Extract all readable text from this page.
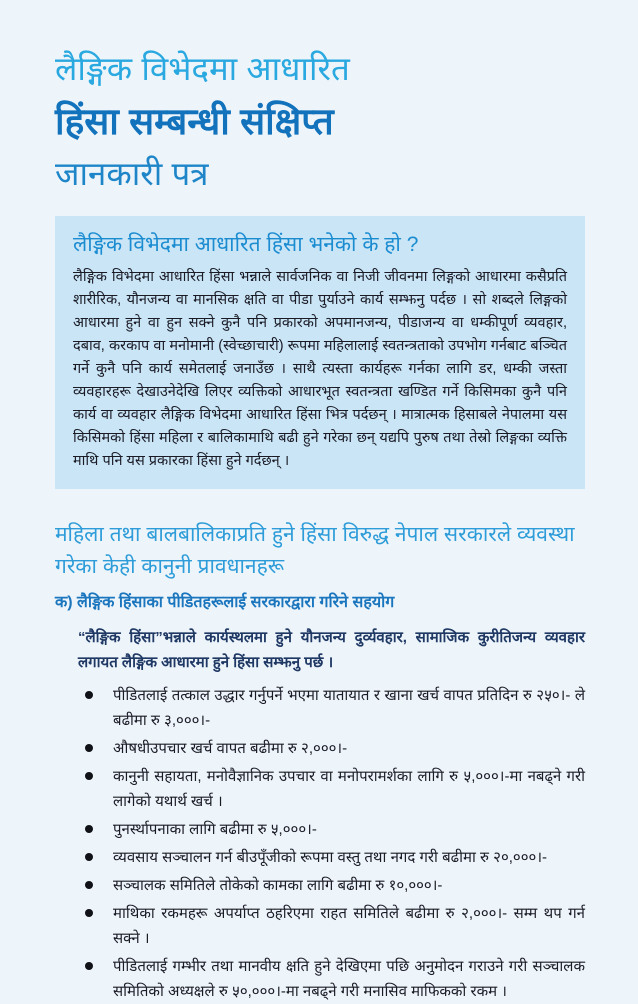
लैङ्गिक विभेदमा आधारित
हिंसा सम्बन्धी संक्षिप्त
जानकारी पत्र
लैङ्गिक विभेदमा आधारित हिंसा भनेको के हो ?

लैङ्गिक विभेदमा आधारित हिंसा भन्नाले सार्वजनिक वा निजी जीवनमा लिङ्गको आधारमा कसैप्रति शारीरिक, यौनजन्य वा मानसिक क्षति वा पीडा पुर्याउने कार्य सम्झनु पर्दछ । सो शब्दले लिङ्गको आधारमा हुने वा हुन सक्ने कुनै पनि प्रकारको अपमानजन्य, पीडाजन्य वा धम्कीपूर्ण व्यवहार, दबाव, करकाप वा मनोमानी (स्वेच्छाचारी) रूपमा महिलालाई स्वतन्त्रताको उपभोग गर्नबाट बञ्चित गर्ने कुनै पनि कार्य समेतलाई जनाउँछ । साथै त्यस्ता कार्यहरू गर्नका लागि डर, धम्की जस्ता व्यवहारहरू देखाउनेदेखि लिएर व्यक्तिको आधारभूत स्वतन्त्रता खण्डित गर्ने किसिमका कुनै पनि कार्य वा व्यवहार लैङ्गिक विभेदमा आधारित हिंसा भित्र पर्दछन् । मात्रात्मक हिसाबले नेपालमा यस किसिमको हिंसा महिला र बालिकामाथि बढी हुने गरेका छन् यद्यपि पुरुष तथा तेस्रो लिङ्गका व्यक्ति माथि पनि यस प्रकारका हिंसा हुने गर्दछन् ।

महिला तथा बालबालिकाप्रति हुने हिंसा विरुद्ध नेपाल सरकारले व्यवस्था गरेका केही कानुनी प्रावधानहरू
क) लैङ्गिक हिंसाका पीडितहरूलाई सरकारद्वारा गरिने सहयोग

“लैङ्गिक हिंसा”भन्नाले कार्यस्थलमा हुने यौनजन्य दुर्व्यवहार, सामाजिक कुरीतिजन्य व्यवहार लगायत लैङ्गिक आधारमा हुने हिंसा सम्झनु पर्छ ।

पीडितलाई तत्काल उद्धार गर्नुपर्ने भएमा यातायात र खाना खर्च वापत प्रतिदिन रु २५०।- ले बढीमा रु ३,०००।-
औषधीउपचार खर्च वापत बढीमा रु २,०००।-
कानुनी सहायता, मनोवैज्ञानिक उपचार वा मनोपरामर्शका लागि रु ५,०००।-मा नबढ्ने गरी लागेको यथार्थ खर्च ।
पुनर्स्थापनाका लागि बढीमा रु ५,०००।-
व्यवसाय सञ्चालन गर्न बीउपूँजीको रूपमा वस्तु तथा नगद गरी बढीमा रु २०,०००।-
सञ्चालक समितिले तोकेको कामका लागि बढीमा रु १०,०००।-
माथिका रकमहरू अपर्याप्त ठहरिएमा राहत समितिले बढीमा रु २,०००।- सम्म थप गर्न सक्ने ।
पीडितलाई गम्भीर तथा मानवीय क्षति हुने देखिएमा पछि अनुमोदन गराउने गरी सञ्चालक समितिको अध्यक्षले रु ५०,०००।-मा नबढ्ने गरी मनासिव माफिकको रकम ।
